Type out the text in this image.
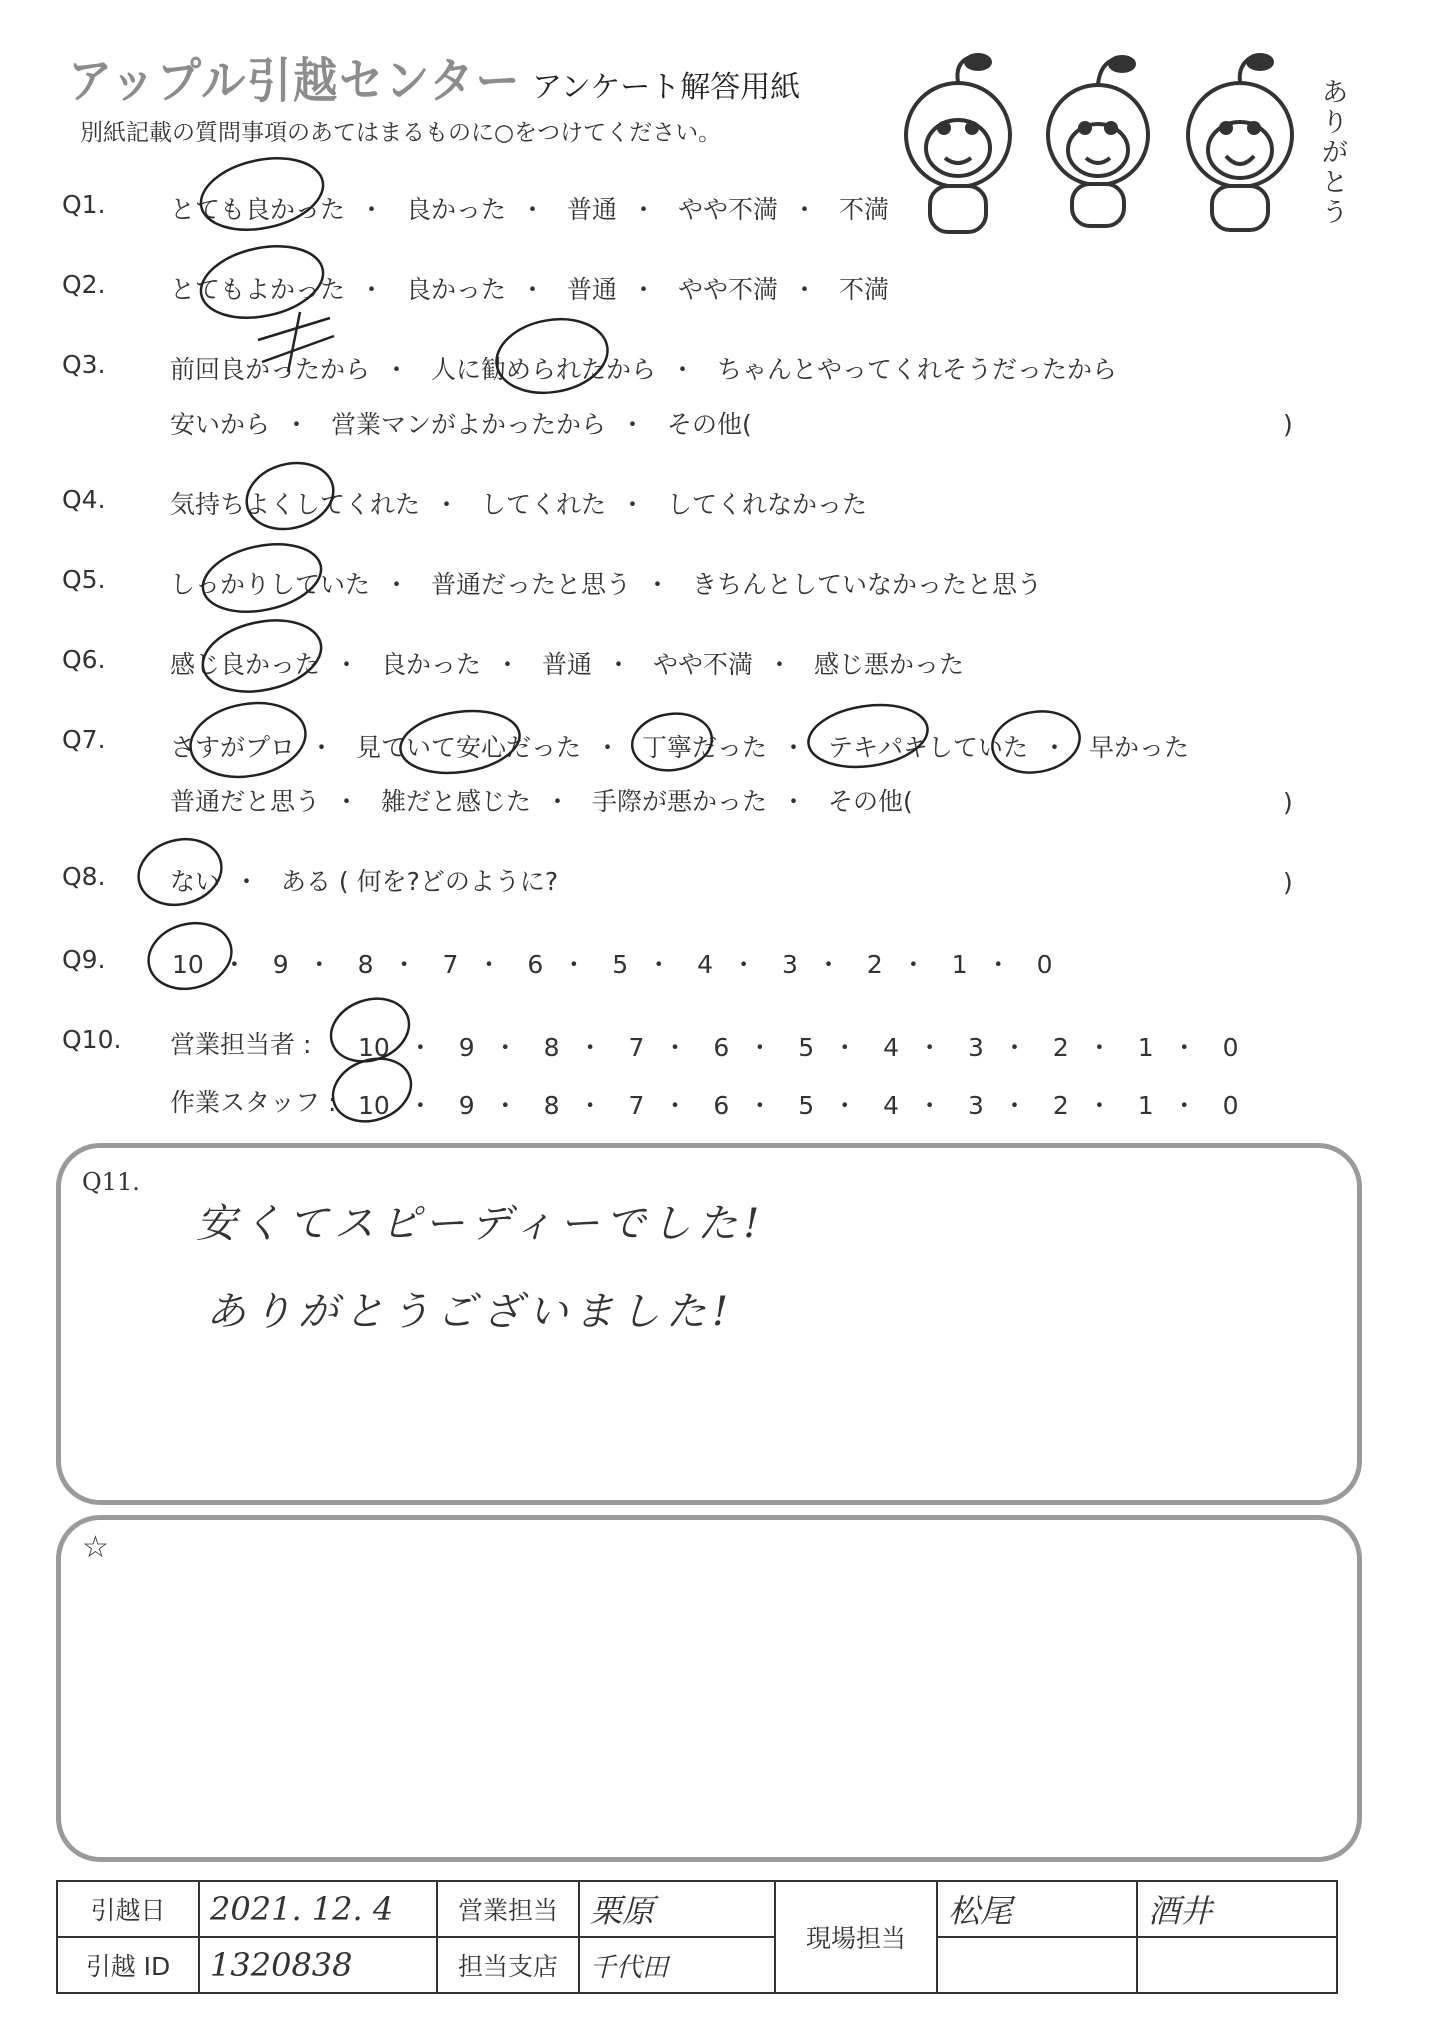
アップル引越センター アンケート解答用紙
別紙記載の質問事項のあてはまるものに○をつけてください。
ありがとう
Q1.	とても良かった ・ 良かった ・ 普通 ・ やや不満 ・ 不満
Q2.	とてもよかった ・ 良かった ・ 普通 ・ やや不満 ・ 不満
Q3.	前回良かったから ・ 人に勧められたから ・ ちゃんとやってくれそうだったから
安いから ・ 営業マンがよかったから ・ その他(	)
Q4.	気持ちよくしてくれた ・ してくれた ・ してくれなかった
Q5.	しっかりしていた ・ 普通だったと思う ・ きちんとしていなかったと思う
Q6.	感じ良かった ・ 良かった ・ 普通 ・ やや不満 ・ 感じ悪かった
Q7.	さすがプロ ・ 見ていて安心だった ・ 丁寧だった ・ テキパキしていた ・ 早かった
普通だと思う ・ 雑だと感じた ・ 手際が悪かった ・ その他(	)
Q8.	ない ・ ある ( 何を?どのように?	)
Q9.	10 ・ 9 ・ 8 ・ 7 ・ 6 ・ 5 ・ 4 ・ 3 ・ 2 ・ 1 ・ 0
Q10. 営業担当者 : 10 ・ 9 ・ 8 ・ 7 ・ 6 ・ 5 ・ 4 ・ 3 ・ 2 ・ 1 ・ 0
作業スタッフ : 10 ・ 9 ・ 8 ・ 7 ・ 6 ・ 5 ・ 4 ・ 3 ・ 2 ・ 1 ・ 0
Q11.
安くてスピーディーでした!
ありがとうございました!
☆
引越日	2021. 12. 4	営業担当	栗原	現場担当	松尾	酒井
引越 ID	1320838	担当支店	千代田			
